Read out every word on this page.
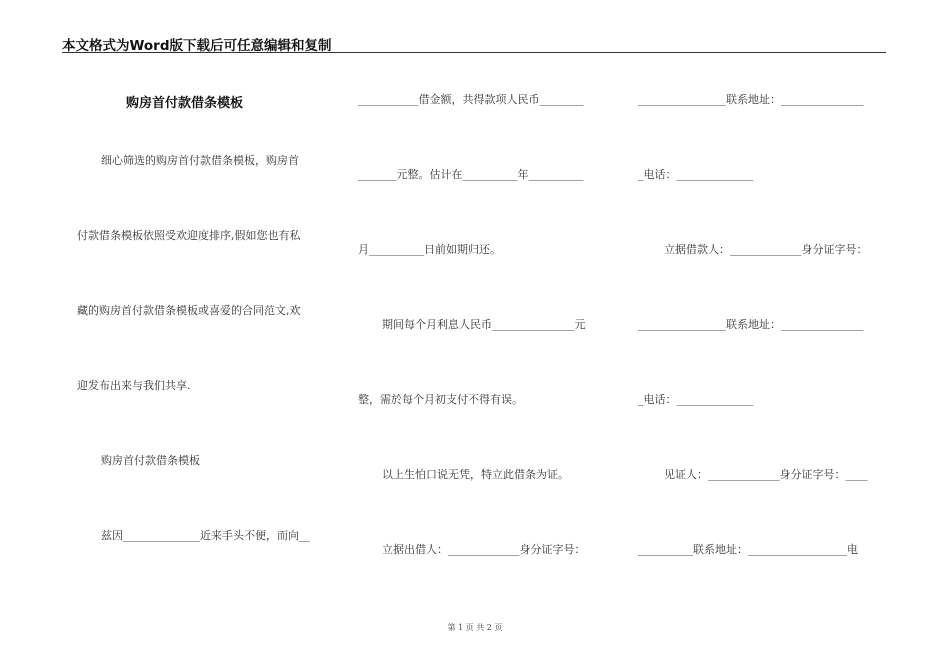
本文格式为Word版下载后可任意编辑和复制
购房首付款借条模板
细心筛选的购房首付款借条模板，购房首
付款借条模板依照受欢迎度排序,假如您也有私
藏的购房首付款借条模板或喜爱的合同范文,欢
迎发布出来与我们共享.
购房首付款借条模板
兹因______________近来手头不便，而向__
___________借金额，共得款项人民币________
_______元整。估计在__________年__________
月__________日前如期归还。
期间每个月利息人民币_______________元
整，需於每个月初支付不得有误。
以上生怕口说无凭，特立此借条为证。
立据出借人：_____________身分证字号：
________________联系地址：_______________
_电话：______________
立据借款人：_____________身分证字号：
________________联系地址：_______________
_电话：______________
见证人：_____________身分证字号：____
__________联系地址：__________________电
第 1 页 共 2 页
